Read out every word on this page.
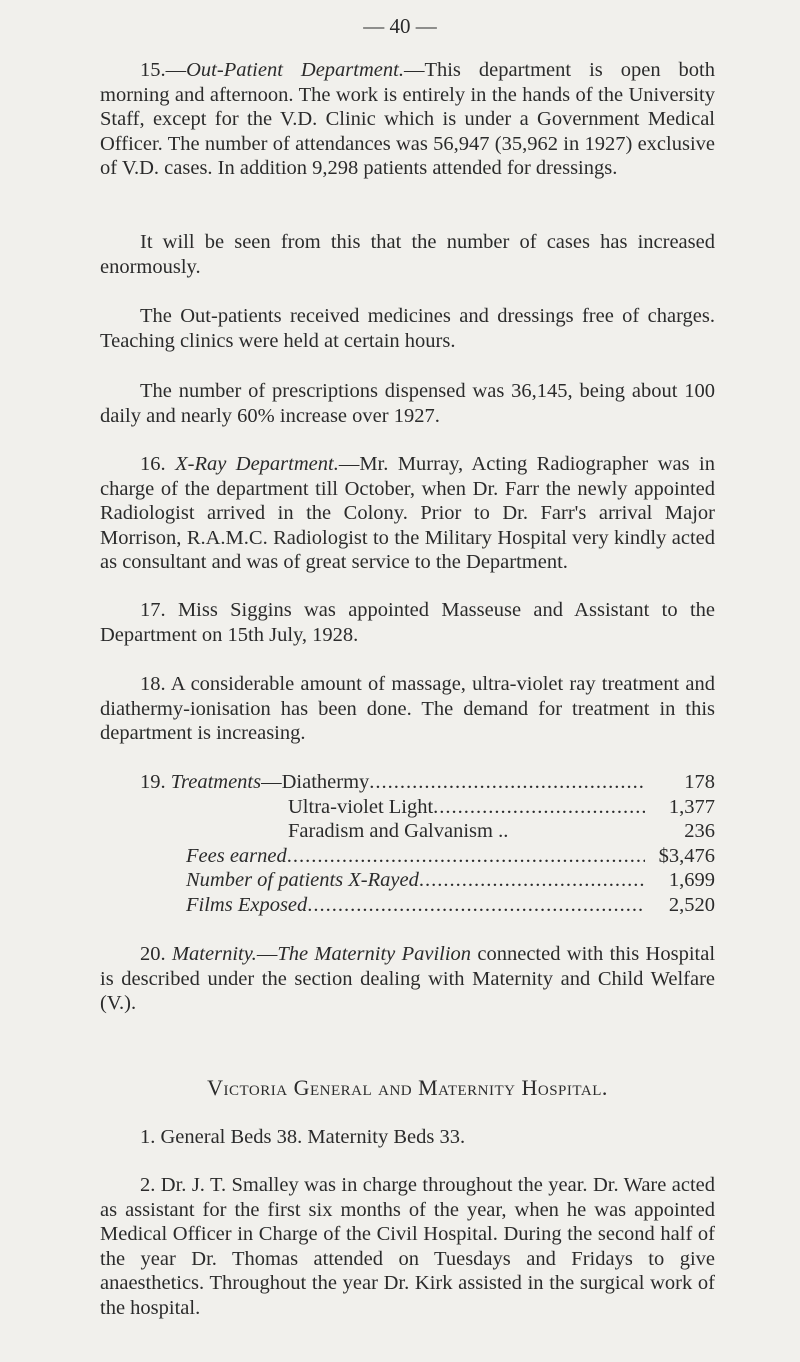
— 40 —

15.—Out-Patient Department.—This department is open both morning and afternoon. The work is entirely in the hands of the University Staff, except for the V.D. Clinic which is under a Government Medical Officer. The number of attendances was 56,947 (35,962 in 1927) exclusive of V.D. cases. In addition 9,298 patients attended for dressings.

It will be seen from this that the number of cases has increased enormously.

The Out-patients received medicines and dressings free of charges. Teaching clinics were held at certain hours.

The number of prescriptions dispensed was 36,145, being about 100 daily and nearly 60% increase over 1927.

16. X-Ray Department.—Mr. Murray, Acting Radiographer was in charge of the department till October, when Dr. Farr the newly appointed Radiologist arrived in the Colony. Prior to Dr. Farr's arrival Major Morrison, R.A.M.C. Radiologist to the Military Hospital very kindly acted as consultant and was of great service to the Department.

17. Miss Siggins was appointed Masseuse and Assistant to the Department on 15th July, 1928.

18. A considerable amount of massage, ultra-violet ray treatment and diathermy-ionisation has been done. The demand for treatment in this department is increasing.

19. Treatments—Diathermy .....	178
Ultra-violet Light .....	1,377
Faradism and Galvanism ..	236
Fees earned .....	$3,476
Number of patients X-Rayed .....	1,699
Films Exposed .....	2,520

20. Maternity.—The Maternity Pavilion connected with this Hospital is described under the section dealing with Maternity and Child Welfare (V.).

Victoria General and Maternity Hospital.

1. General Beds 38. Maternity Beds 33.

2. Dr. J. T. Smalley was in charge throughout the year. Dr. Ware acted as assistant for the first six months of the year, when he was appointed Medical Officer in Charge of the Civil Hospital. During the second half of the year Dr. Thomas attended on Tuesdays and Fridays to give anaesthetics. Throughout the year Dr. Kirk assisted in the surgical work of the hospital.
